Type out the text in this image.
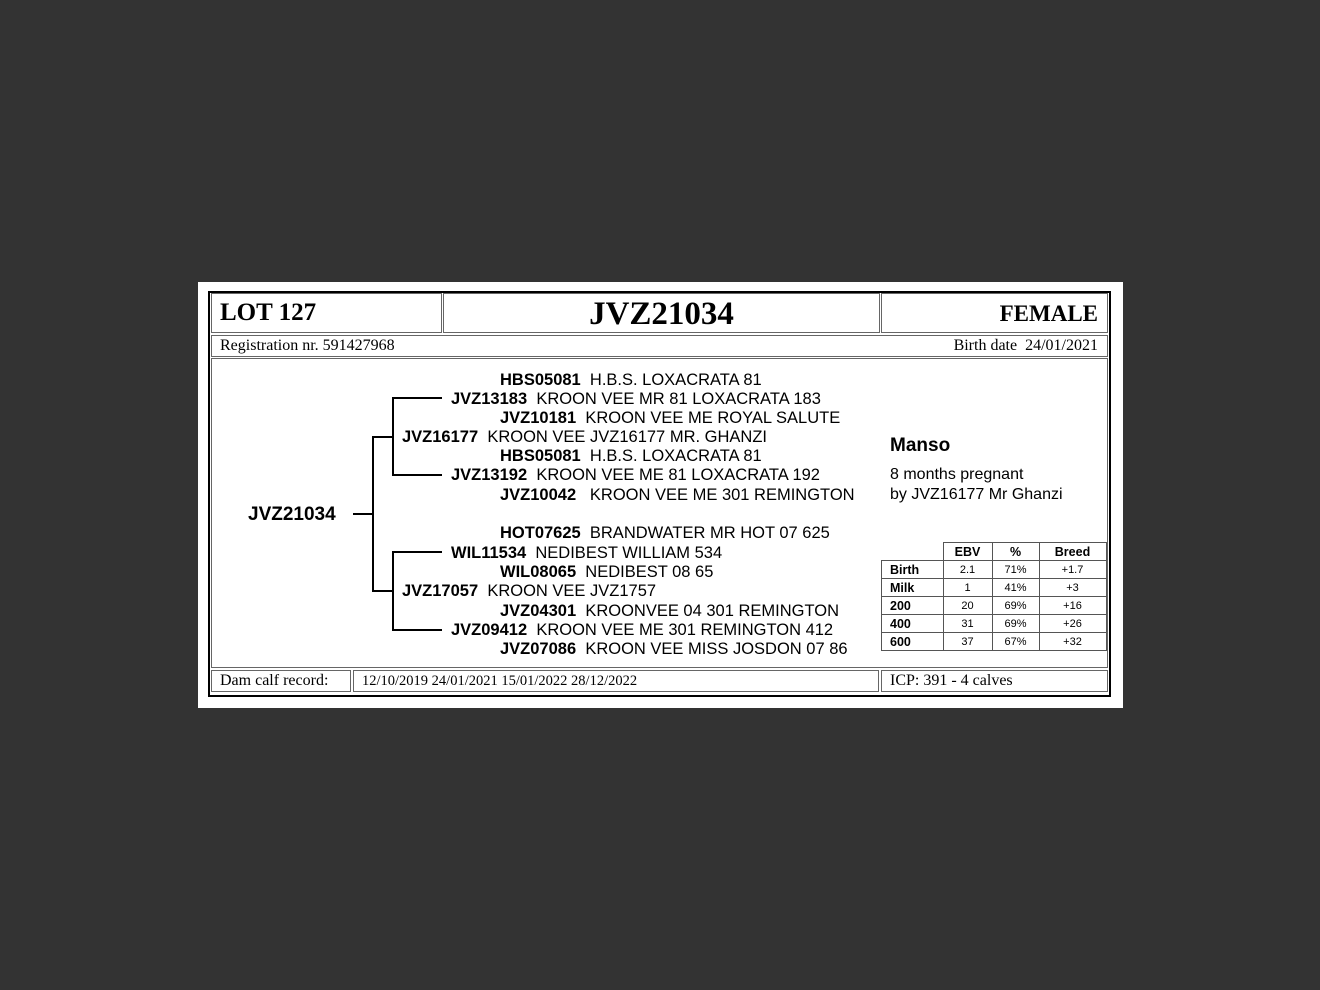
LOT 127	JVZ21034	FEMALE
Registration nr. 591427968	Birth date  24/01/2021
JVZ21034
HBS05081 H.B.S. LOXACRATA 81
JVZ13183 KROON VEE MR 81 LOXACRATA 183
JVZ10181 KROON VEE ME ROYAL SALUTE
JVZ16177 KROON VEE JVZ16177 MR. GHANZI
HBS05081 H.B.S. LOXACRATA 81
JVZ13192 KROON VEE ME 81 LOXACRATA 192
JVZ10042 KROON VEE ME 301 REMINGTON
HOT07625 BRANDWATER MR HOT 07 625
WIL11534 NEDIBEST WILLIAM 534
WIL08065 NEDIBEST 08 65
JVZ17057 KROON VEE JVZ1757
JVZ04301 KROONVEE 04 301 REMINGTON
JVZ09412 KROON VEE ME 301 REMINGTON 412
JVZ07086 KROON VEE MISS JOSDON 07 86
Manso
8 months pregnant
by JVZ16177 Mr Ghanzi
	EBV	%	Breed
Birth	2.1	71%	+1.7
Milk	1	41%	+3
200	20	69%	+16
400	31	69%	+26
600	37	67%	+32
Dam calf record: 12/10/2019 24/01/2021 15/01/2022 28/12/2022	ICP: 391 - 4 calves
